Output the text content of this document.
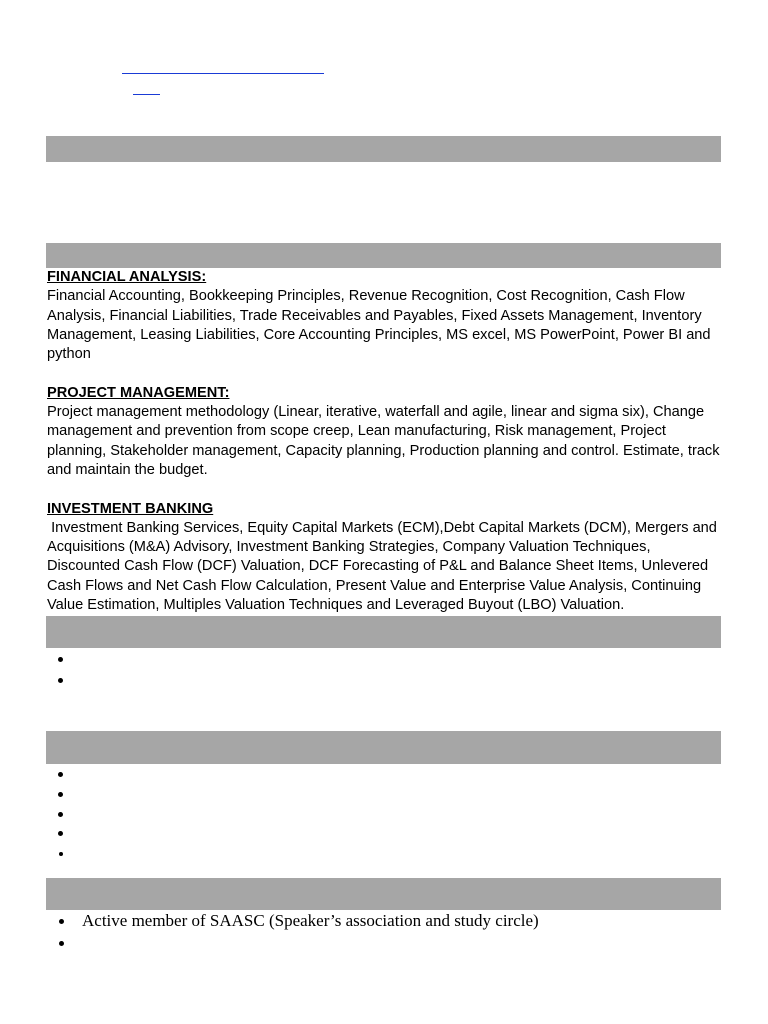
FINANCIAL ANALYSIS:

Financial Accounting, Bookkeeping Principles, Revenue Recognition, Cost Recognition, Cash Flow Analysis, Financial Liabilities, Trade Receivables and Payables, Fixed Assets Management, Inventory Management, Leasing Liabilities, Core Accounting Principles, MS excel, MS PowerPoint, Power BI and python

PROJECT MANAGEMENT:

Project management methodology (Linear, iterative, waterfall and agile, linear and sigma six), Change management and prevention from scope creep, Lean manufacturing, Risk management, Project planning, Stakeholder management, Capacity planning, Production planning and control. Estimate, track and maintain the budget.

INVESTMENT BANKING

Investment Banking Services, Equity Capital Markets (ECM),Debt Capital Markets (DCM), Mergers and Acquisitions (M&A) Advisory, Investment Banking Strategies, Company Valuation Techniques, Discounted Cash Flow (DCF) Valuation, DCF Forecasting of P&L and Balance Sheet Items, Unlevered Cash Flows and Net Cash Flow Calculation, Present Value and Enterprise Value Analysis, Continuing Value Estimation, Multiples Valuation Techniques and Leveraged Buyout (LBO) Valuation.

Active member of SAASC (Speaker’s association and study circle)
